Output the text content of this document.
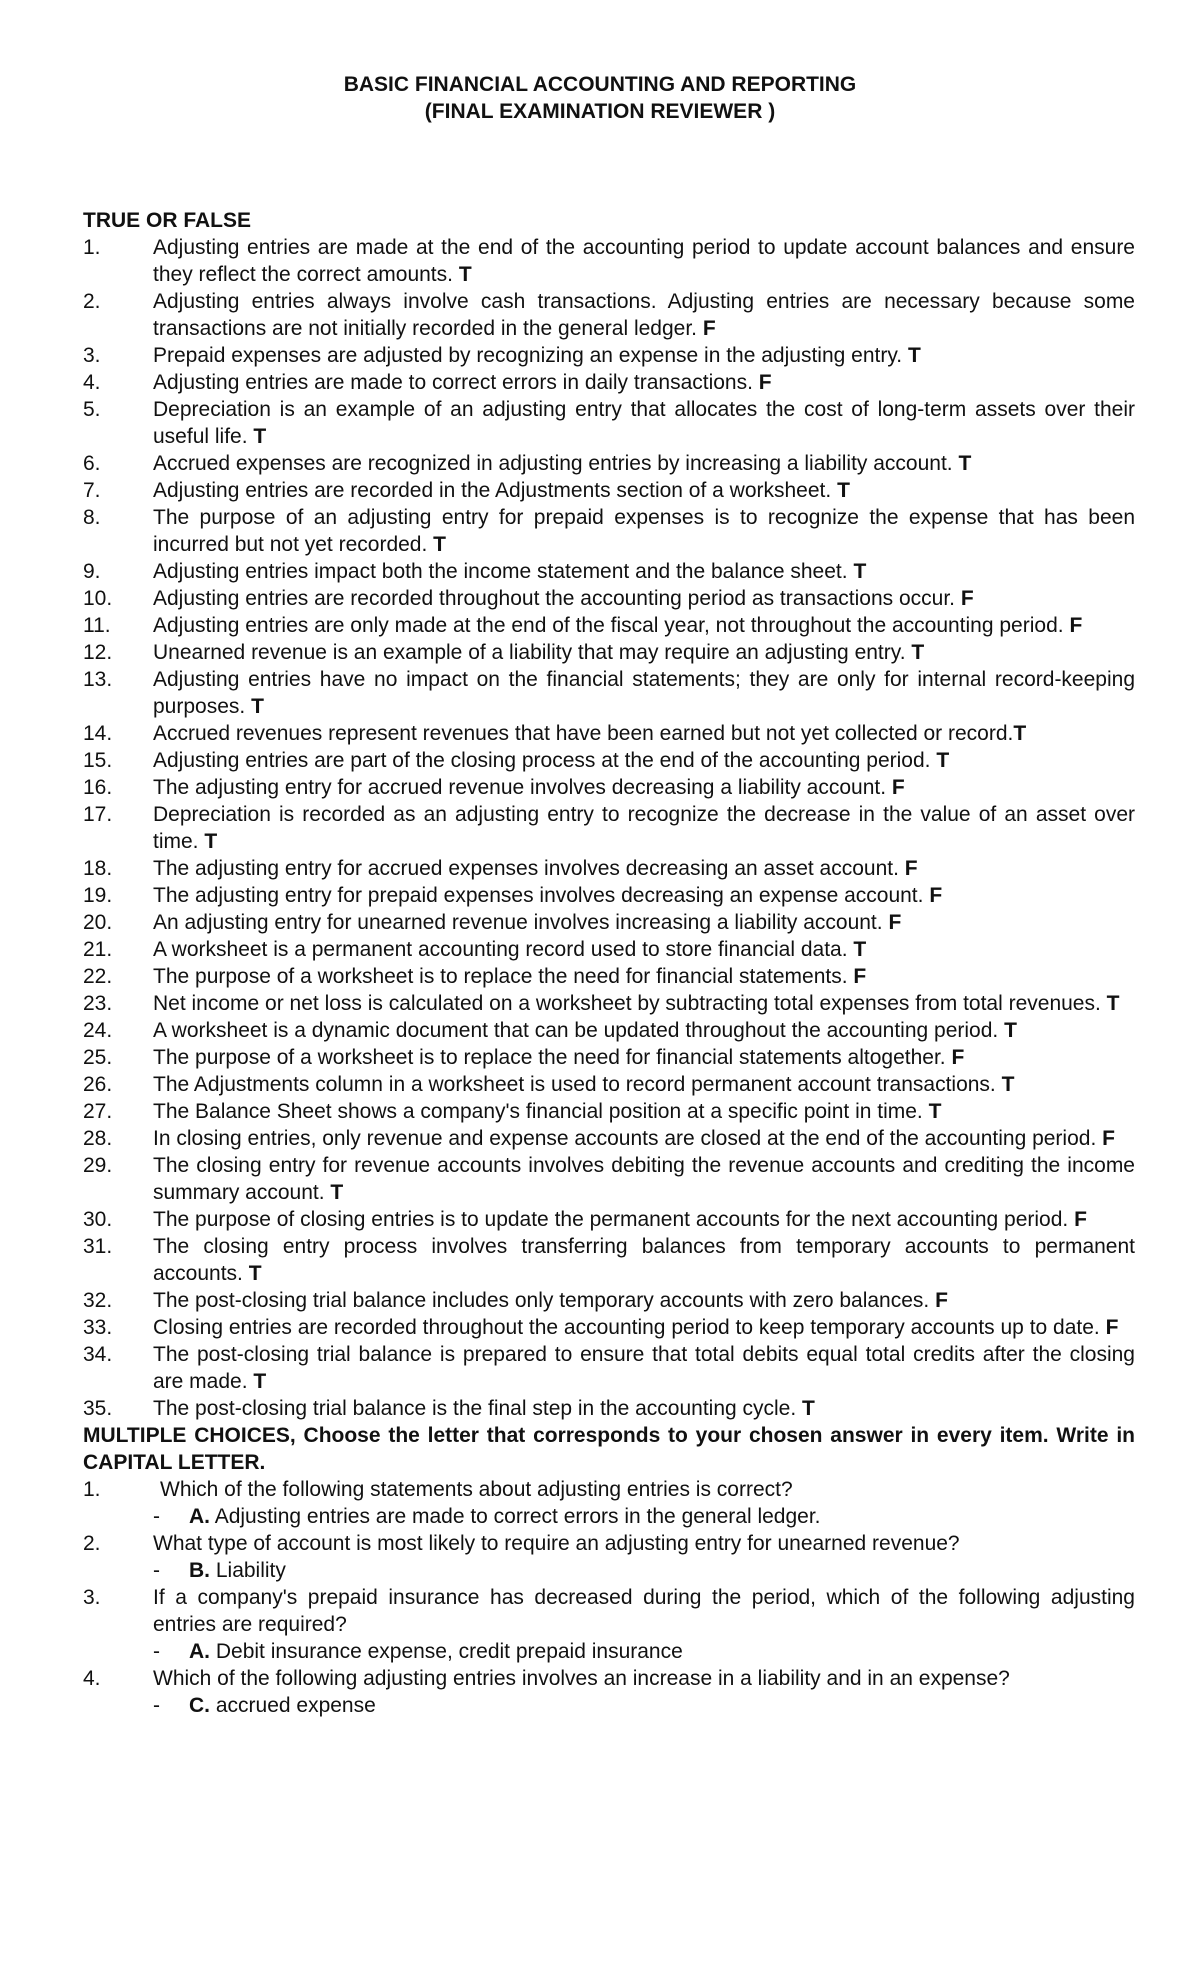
BASIC FINANCIAL ACCOUNTING AND REPORTING
(FINAL EXAMINATION REVIEWER )
TRUE OR FALSE
1.	Adjusting entries are made at the end of the accounting period to update account balances and ensure they reflect the correct amounts. T
2.	Adjusting entries always involve cash transactions. Adjusting entries are necessary because some transactions are not initially recorded in the general ledger. F
3.	Prepaid expenses are adjusted by recognizing an expense in the adjusting entry. T
4.	Adjusting entries are made to correct errors in daily transactions. F
5.	Depreciation is an example of an adjusting entry that allocates the cost of long-term assets over their useful life. T
6.	Accrued expenses are recognized in adjusting entries by increasing a liability account. T
7.	Adjusting entries are recorded in the Adjustments section of a worksheet. T
8.	The purpose of an adjusting entry for prepaid expenses is to recognize the expense that has been incurred but not yet recorded. T
9.	Adjusting entries impact both the income statement and the balance sheet. T
10.	Adjusting entries are recorded throughout the accounting period as transactions occur. F
11.	Adjusting entries are only made at the end of the fiscal year, not throughout the accounting period. F
12.	Unearned revenue is an example of a liability that may require an adjusting entry. T
13.	Adjusting entries have no impact on the financial statements; they are only for internal record-keeping purposes. T
14.	Accrued revenues represent revenues that have been earned but not yet collected or record.T
15.	Adjusting entries are part of the closing process at the end of the accounting period. T
16.	The adjusting entry for accrued revenue involves decreasing a liability account. F
17.	Depreciation is recorded as an adjusting entry to recognize the decrease in the value of an asset over time. T
18.	The adjusting entry for accrued expenses involves decreasing an asset account. F
19.	The adjusting entry for prepaid expenses involves decreasing an expense account. F
20.	An adjusting entry for unearned revenue involves increasing a liability account. F
21.	A worksheet is a permanent accounting record used to store financial data. T
22.	The purpose of a worksheet is to replace the need for financial statements. F
23.	Net income or net loss is calculated on a worksheet by subtracting total expenses from total revenues. T
24.	A worksheet is a dynamic document that can be updated throughout the accounting period. T
25.	The purpose of a worksheet is to replace the need for financial statements altogether. F
26.	The Adjustments column in a worksheet is used to record permanent account transactions. T
27.	The Balance Sheet shows a company's financial position at a specific point in time. T
28.	In closing entries, only revenue and expense accounts are closed at the end of the accounting period. F
29.	The closing entry for revenue accounts involves debiting the revenue accounts and crediting the income summary account. T
30.	The purpose of closing entries is to update the permanent accounts for the next accounting period. F
31.	The closing entry process involves transferring balances from temporary accounts to permanent accounts. T
32.	The post-closing trial balance includes only temporary accounts with zero balances. F
33.	Closing entries are recorded throughout the accounting period to keep temporary accounts up to date. F
34.	The post-closing trial balance is prepared to ensure that total debits equal total credits after the closing are made. T
35.	The post-closing trial balance is the final step in the accounting cycle. T
MULTIPLE CHOICES, Choose the letter that corresponds to your chosen answer in every item. Write in CAPITAL LETTER.
1.	Which of the following statements about adjusting entries is correct?
- A. Adjusting entries are made to correct errors in the general ledger.
2.	What type of account is most likely to require an adjusting entry for unearned revenue?
- B. Liability
3.	If a company's prepaid insurance has decreased during the period, which of the following adjusting entries are required?
- A. Debit insurance expense, credit prepaid insurance
4.	Which of the following adjusting entries involves an increase in a liability and in an expense?
- C. accrued expense
